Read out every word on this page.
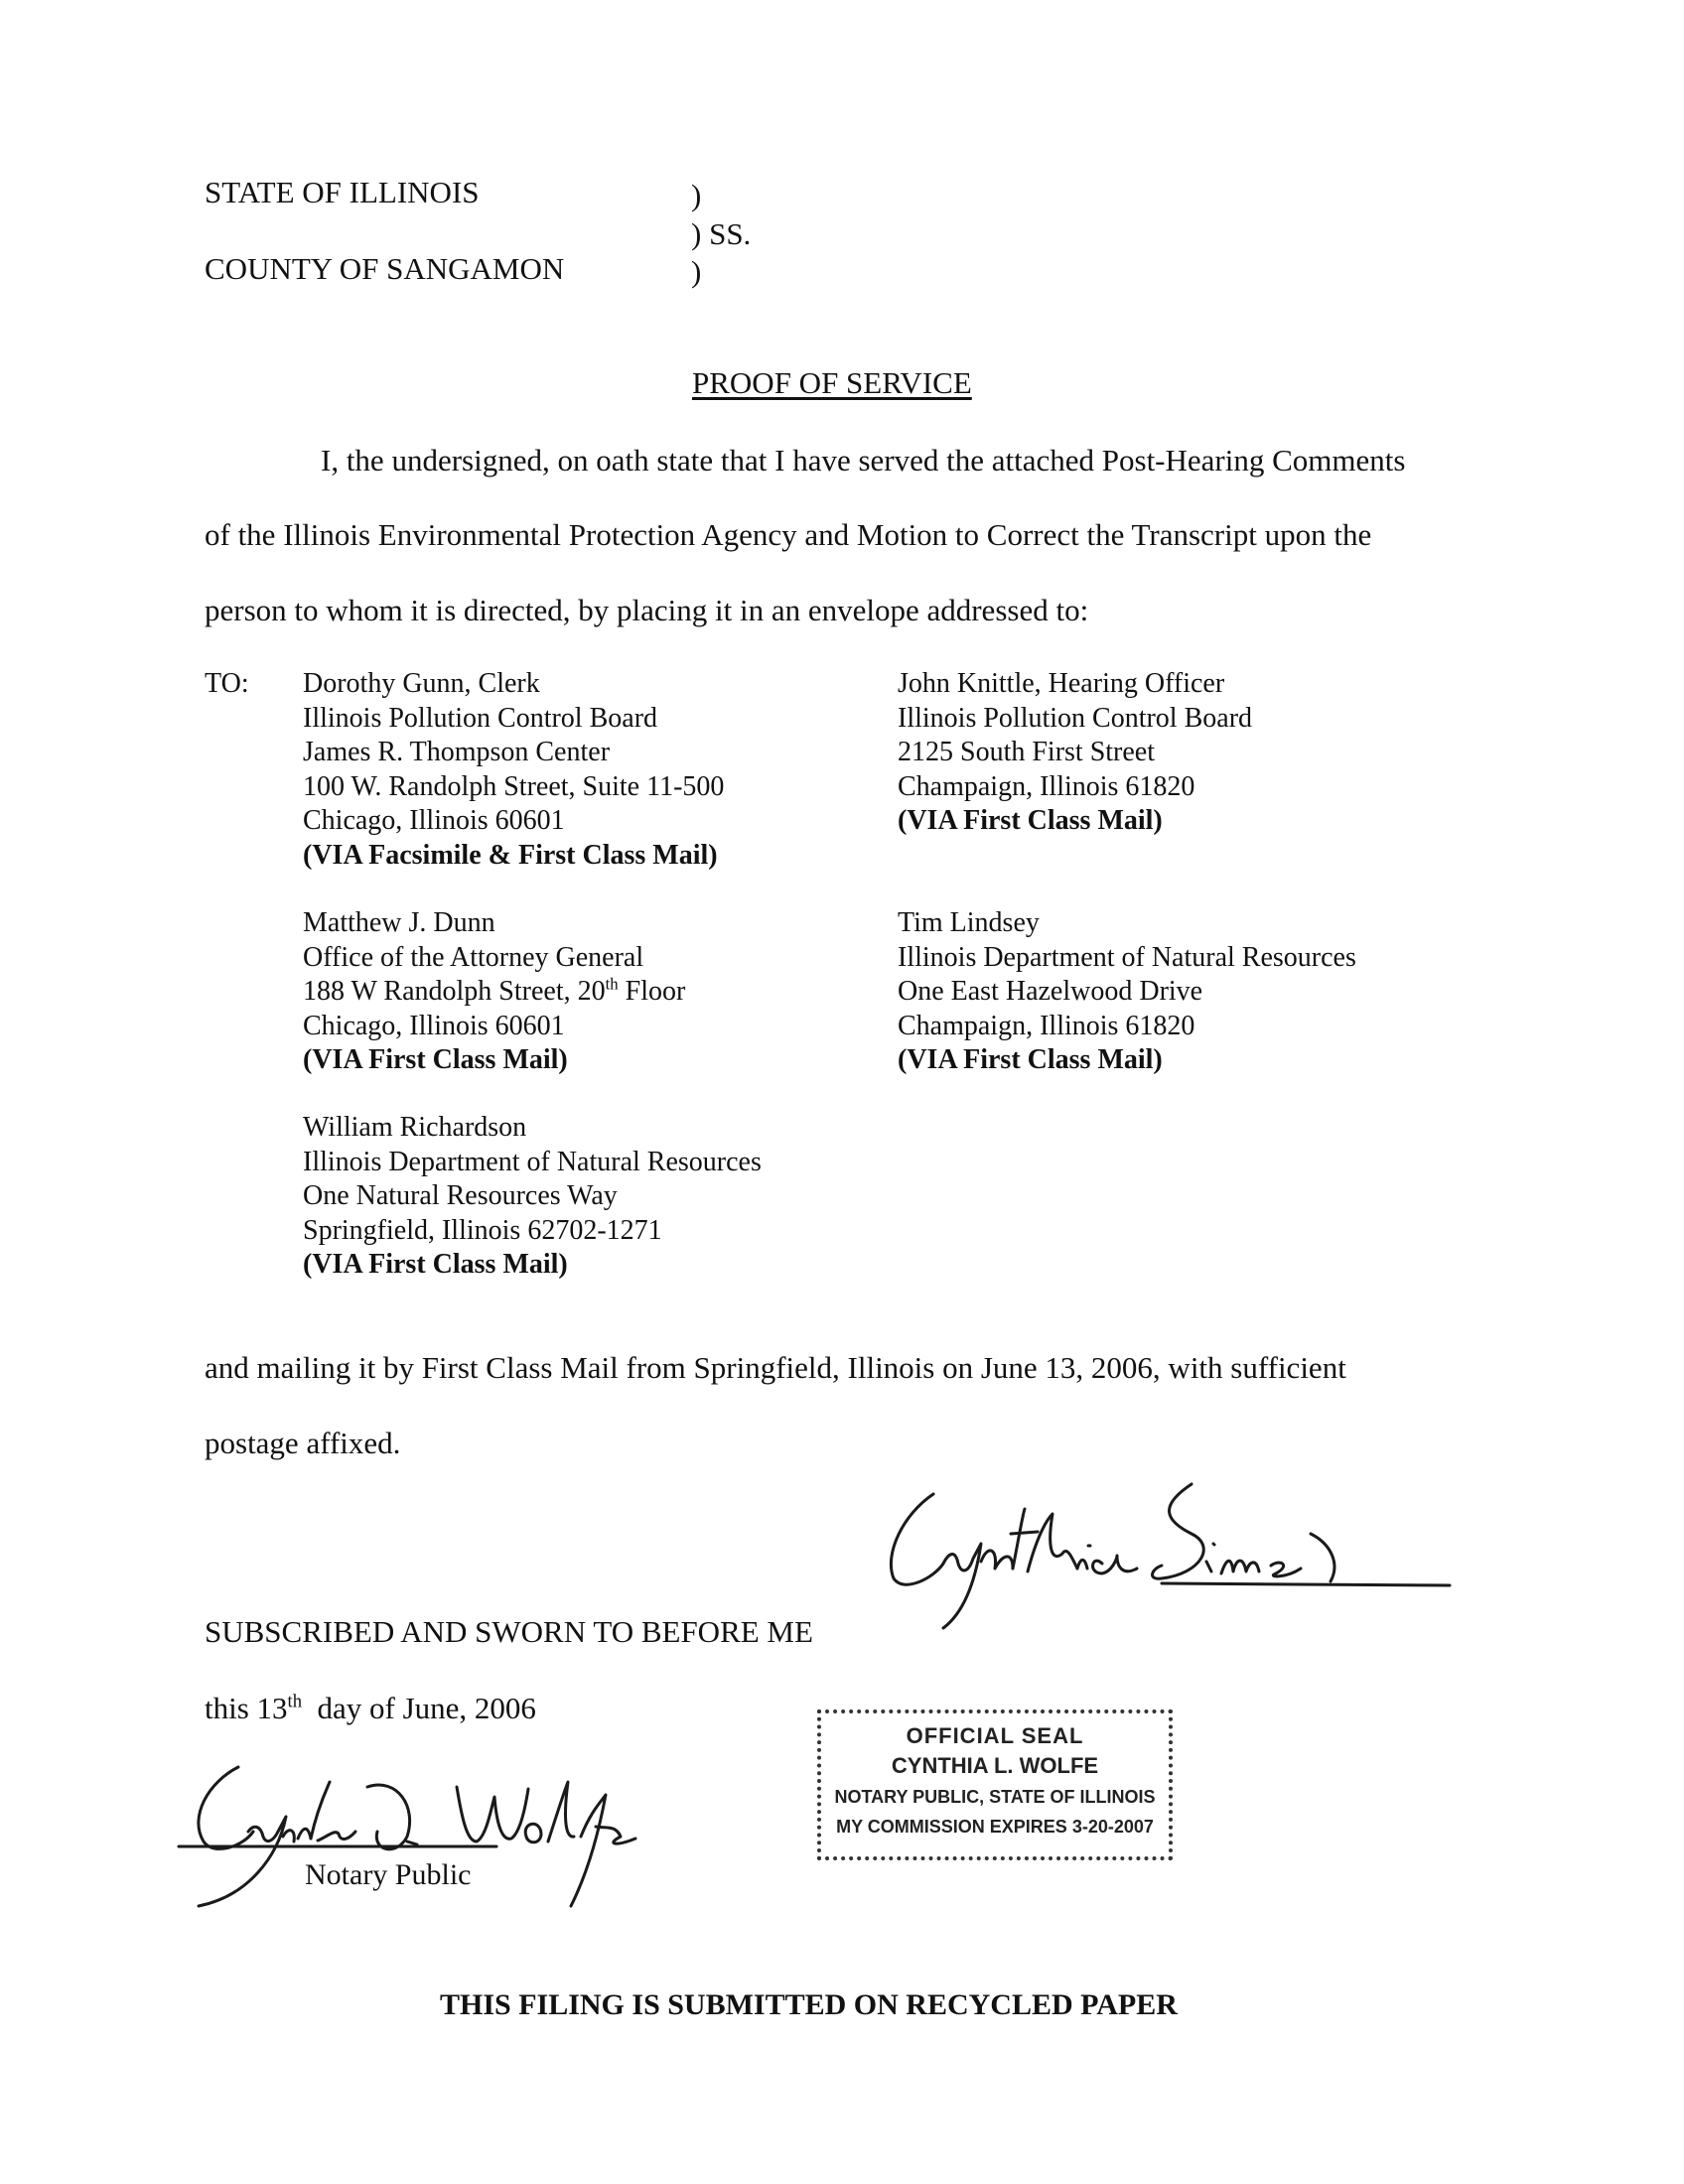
STATE OF ILLINOIS
COUNTY OF SANGAMON
)
) SS.
)
PROOF OF SERVICE
I, the undersigned, on oath state that I have served the attached Post-Hearing Comments
of the Illinois Environmental Protection Agency and Motion to Correct the Transcript upon the
person to whom it is directed, by placing it in an envelope addressed to:
TO: Dorothy Gunn, Clerk
Illinois Pollution Control Board
James R. Thompson Center
100 W. Randolph Street, Suite 11-500
Chicago, Illinois 60601
(VIA Facsimile & First Class Mail)
John Knittle, Hearing Officer
Illinois Pollution Control Board
2125 South First Street
Champaign, Illinois 61820
(VIA First Class Mail)
Matthew J. Dunn
Office of the Attorney General
188 W Randolph Street, 20th Floor
Chicago, Illinois 60601
(VIA First Class Mail)
Tim Lindsey
Illinois Department of Natural Resources
One East Hazelwood Drive
Champaign, Illinois 61820
(VIA First Class Mail)
William Richardson
Illinois Department of Natural Resources
One Natural Resources Way
Springfield, Illinois 62702-1271
(VIA First Class Mail)
and mailing it by First Class Mail from Springfield, Illinois on June 13, 2006, with sufficient
postage affixed.
SUBSCRIBED AND SWORN TO BEFORE ME
this 13th  day of June, 2006
Notary Public
OFFICIAL SEAL
CYNTHIA L. WOLFE
NOTARY PUBLIC, STATE OF ILLINOIS
MY COMMISSION EXPIRES 3-20-2007
THIS FILING IS SUBMITTED ON RECYCLED PAPER
